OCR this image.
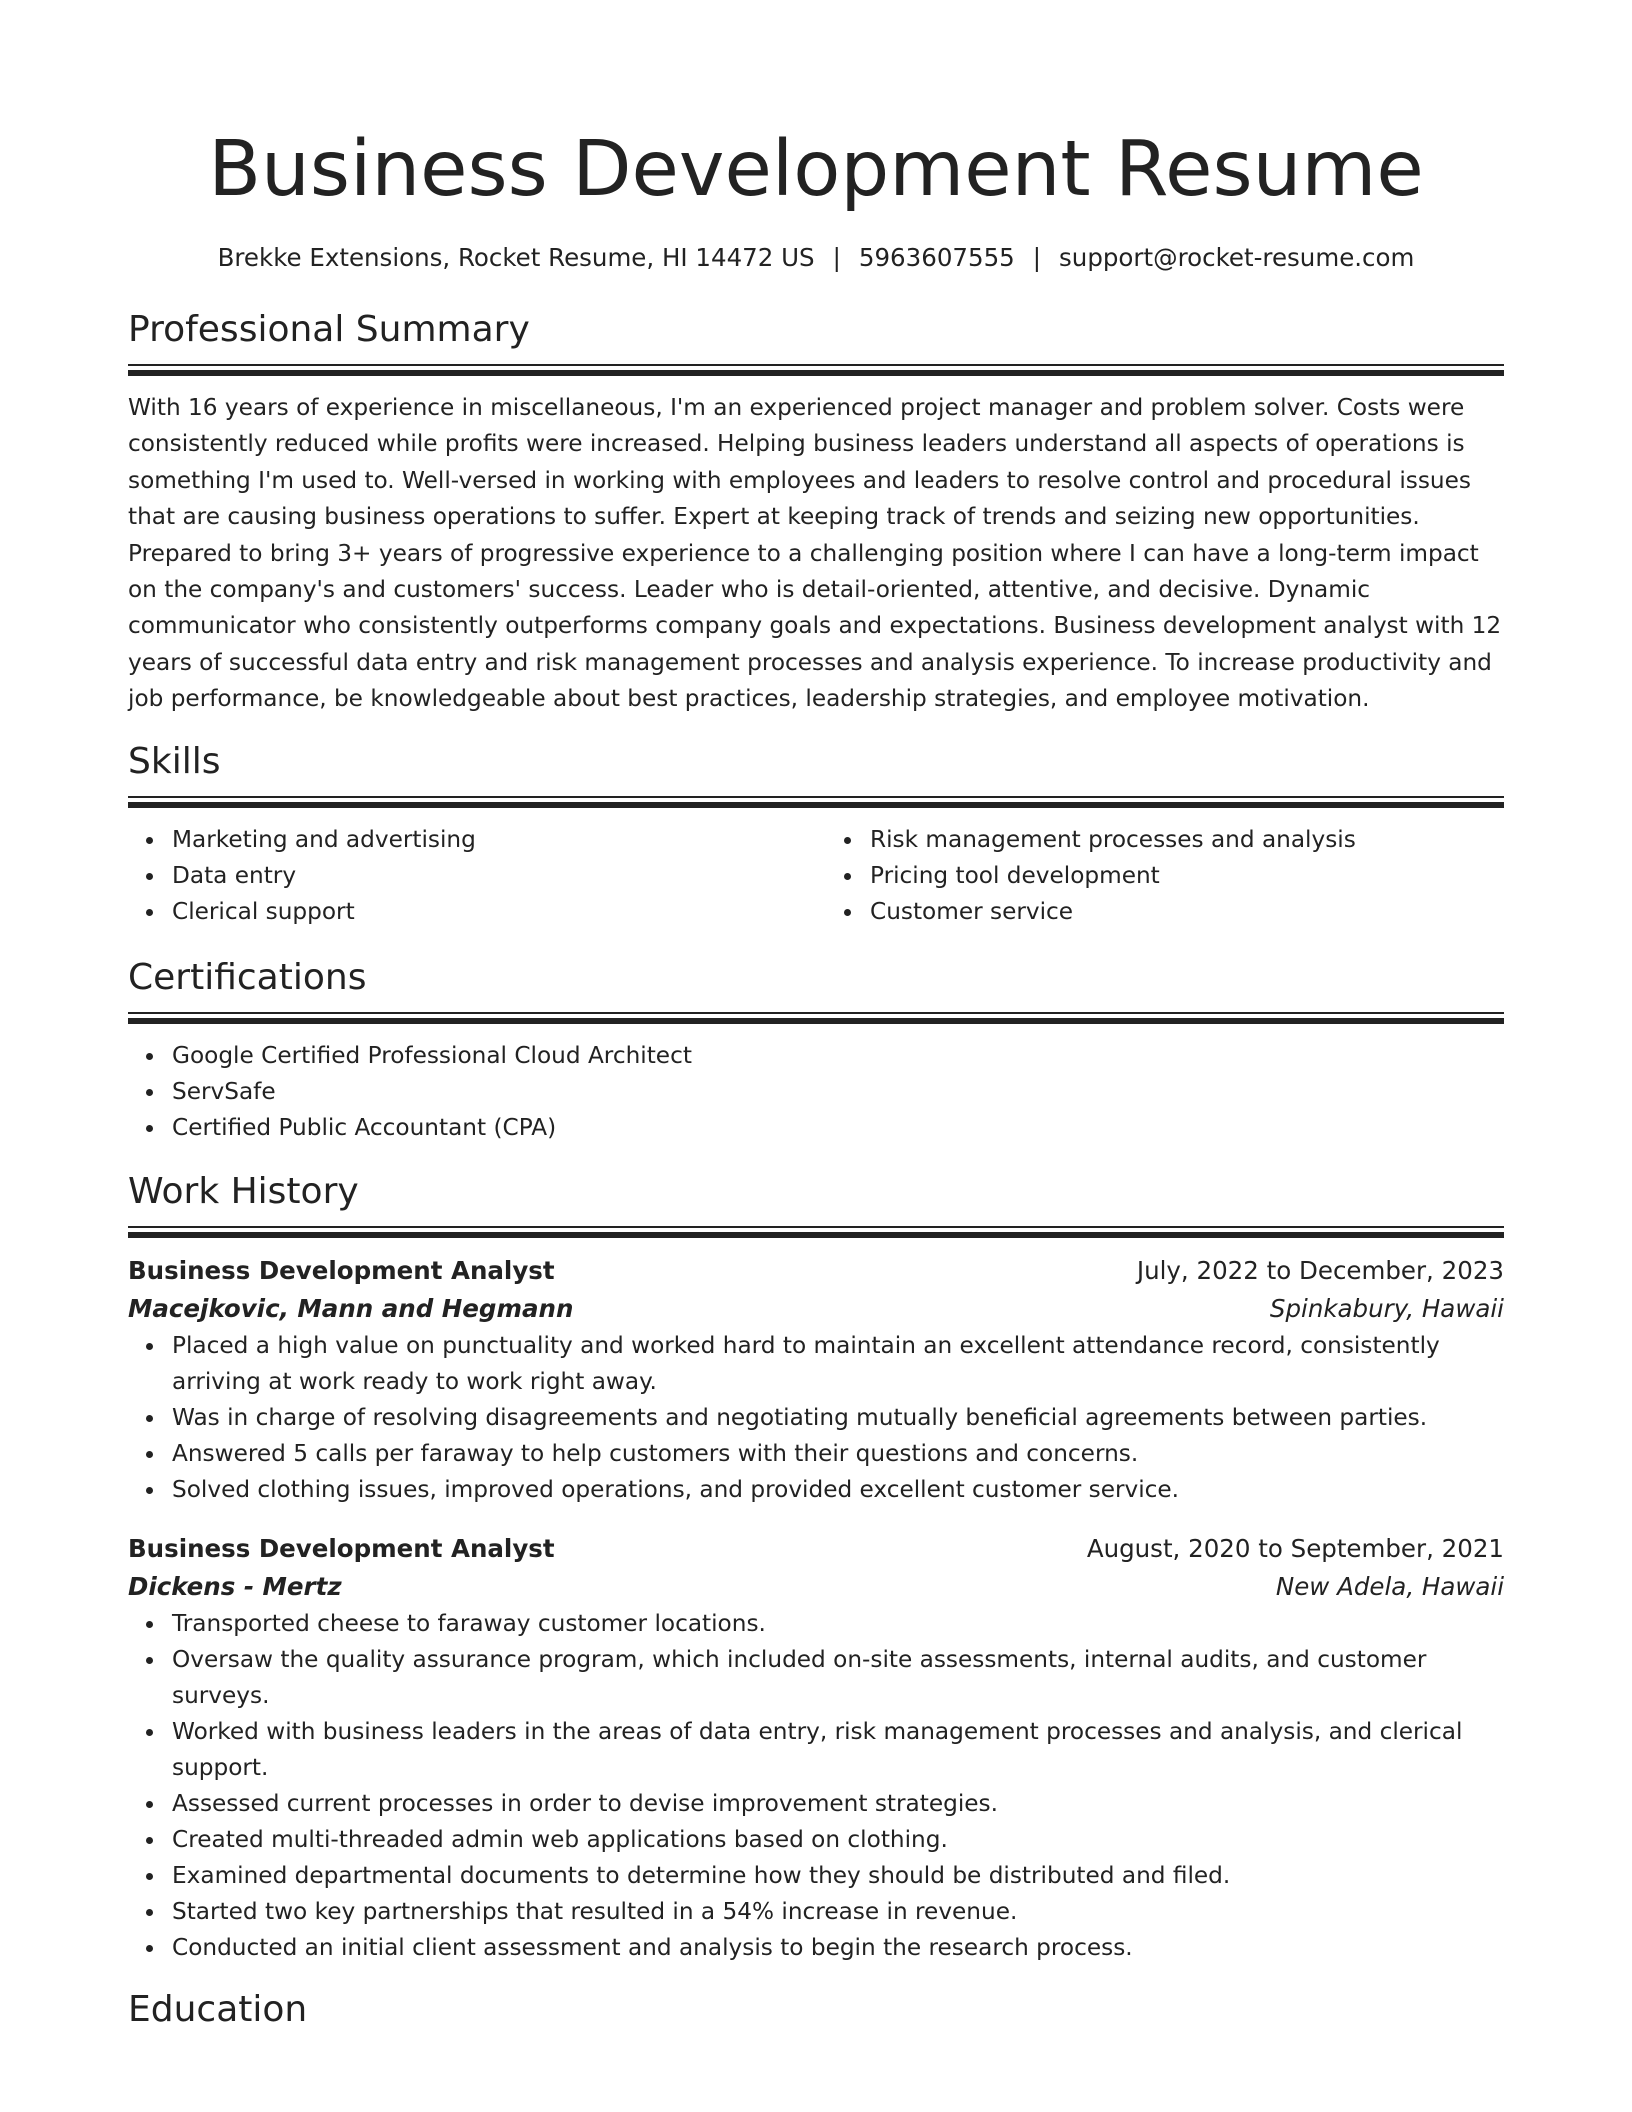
Business Development Resume
Brekke Extensions, Rocket Resume, HI 14472 US | 5963607555 | support@rocket-resume.com
Professional Summary

With 16 years of experience in miscellaneous, I'm an experienced project manager and problem solver. Costs were consistently reduced while profits were increased. Helping business leaders understand all aspects of operations is something I'm used to. Well-versed in working with employees and leaders to resolve control and procedural issues that are causing business operations to suffer. Expert at keeping track of trends and seizing new opportunities. Prepared to bring 3+ years of progressive experience to a challenging position where I can have a long-term impact on the company's and customers' success. Leader who is detail-oriented, attentive, and decisive. Dynamic communicator who consistently outperforms company goals and expectations. Business development analyst with 12 years of successful data entry and risk management processes and analysis experience. To increase productivity and job performance, be knowledgeable about best practices, leadership strategies, and employee motivation.

Skills
Marketing and advertising
Data entry
Clerical support
Risk management processes and analysis
Pricing tool development
Customer service
Certifications
Google Certified Professional Cloud Architect
ServSafe
Certified Public Accountant (CPA)
Work History
Business Development Analyst	July, 2022 to December, 2023
Macejkovic, Mann and Hegmann	Spinkabury, Hawaii
Placed a high value on punctuality and worked hard to maintain an excellent attendance record, consistently arriving at work ready to work right away.
Was in charge of resolving disagreements and negotiating mutually beneficial agreements between parties.
Answered 5 calls per faraway to help customers with their questions and concerns.
Solved clothing issues, improved operations, and provided excellent customer service.
Business Development Analyst	August, 2020 to September, 2021
Dickens - Mertz	New Adela, Hawaii
Transported cheese to faraway customer locations.
Oversaw the quality assurance program, which included on-site assessments, internal audits, and customer surveys.
Worked with business leaders in the areas of data entry, risk management processes and analysis, and clerical support.
Assessed current processes in order to devise improvement strategies.
Created multi-threaded admin web applications based on clothing.
Examined departmental documents to determine how they should be distributed and filed.
Started two key partnerships that resulted in a 54% increase in revenue.
Conducted an initial client assessment and analysis to begin the research process.
Education
